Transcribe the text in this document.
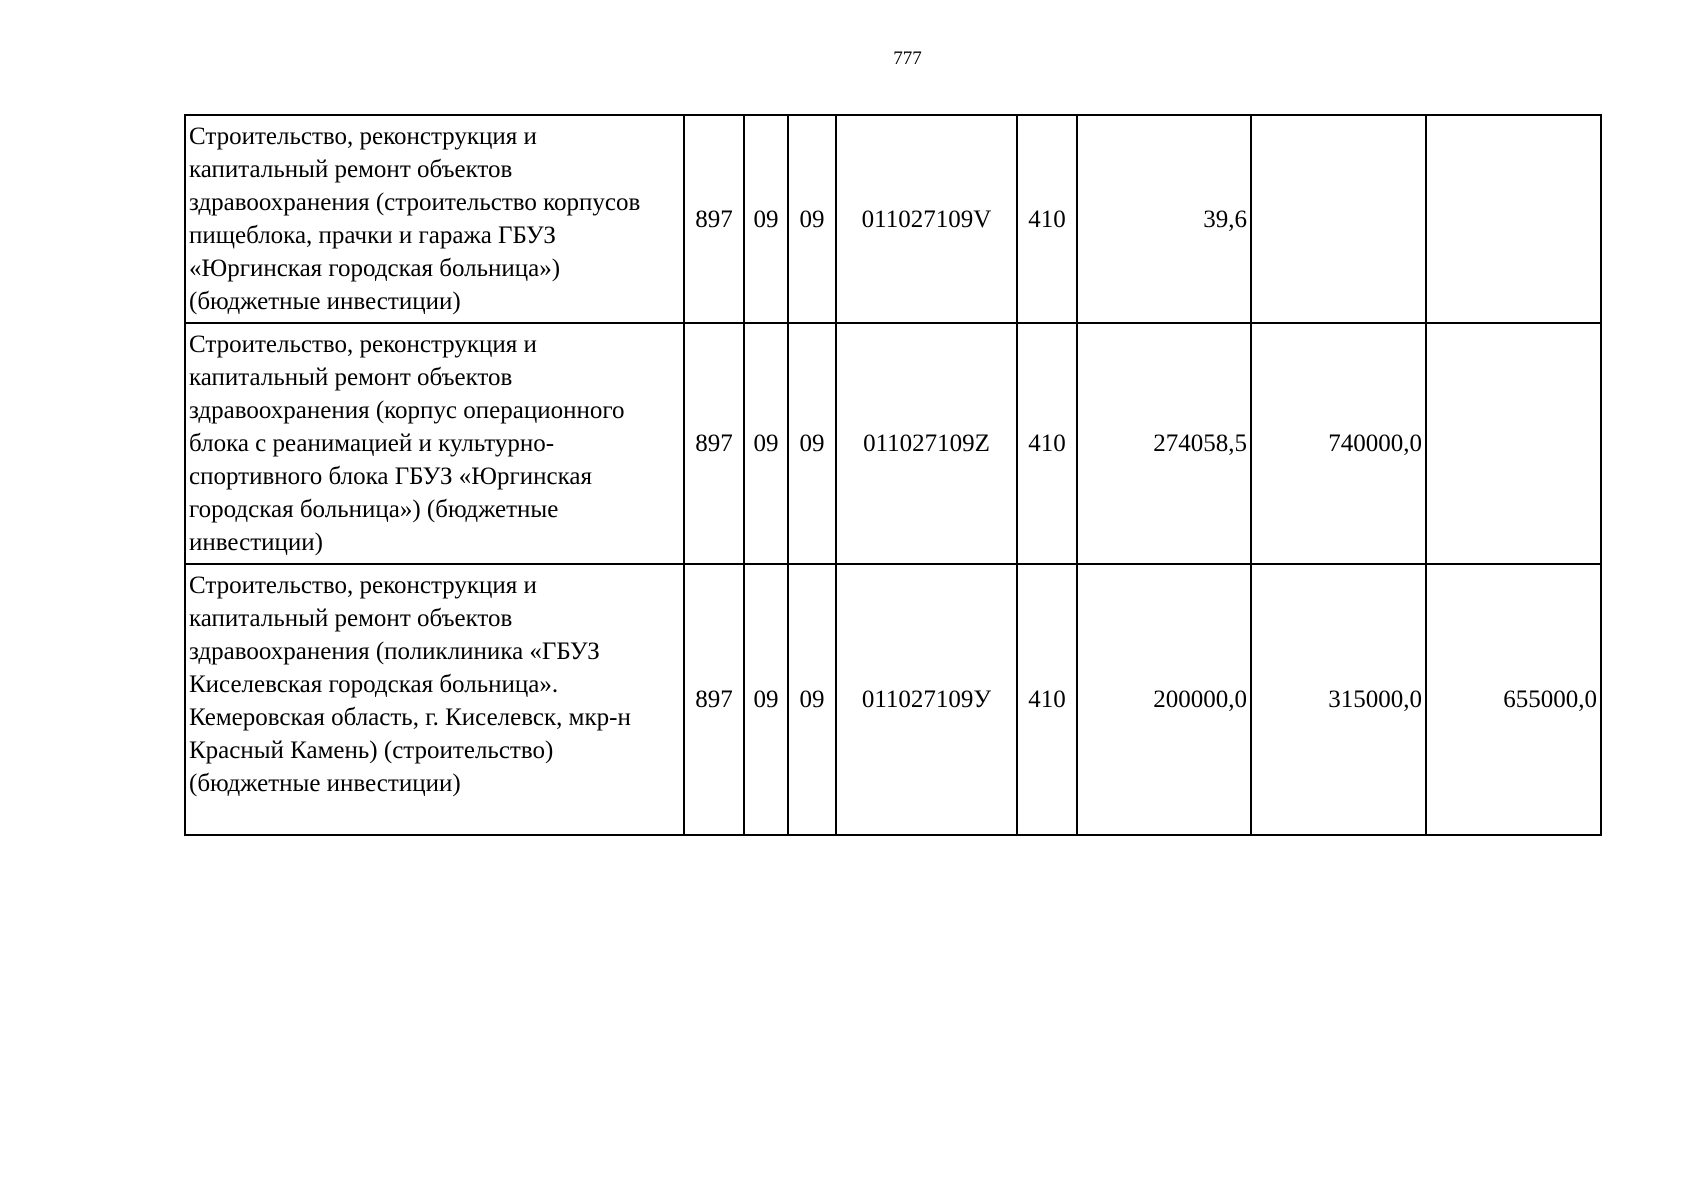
777
Строительство, реконструкция и капитальный ремонт объектов здравоохранения (строительство корпусов пищеблока, прачки и гаража ГБУЗ «Юргинская городская больница») (бюджетные инвестиции)	897	09	09	011027109V	410	39,6		
Строительство, реконструкция и капитальный ремонт объектов здравоохранения (корпус операционного блока с реанимацией и культурно-спортивного блока ГБУЗ «Юргинская городская больница») (бюджетные инвестиции)	897	09	09	011027109Z	410	274058,5	740000,0	
Строительство, реконструкция и капитальный ремонт объектов здравоохранения (поликлиника «ГБУЗ Киселевская городская больница». Кемеровская область, г. Киселевск, мкр-н Красный Камень) (строительство) (бюджетные инвестиции)	897	09	09	011027109У	410	200000,0	315000,0	655000,0
